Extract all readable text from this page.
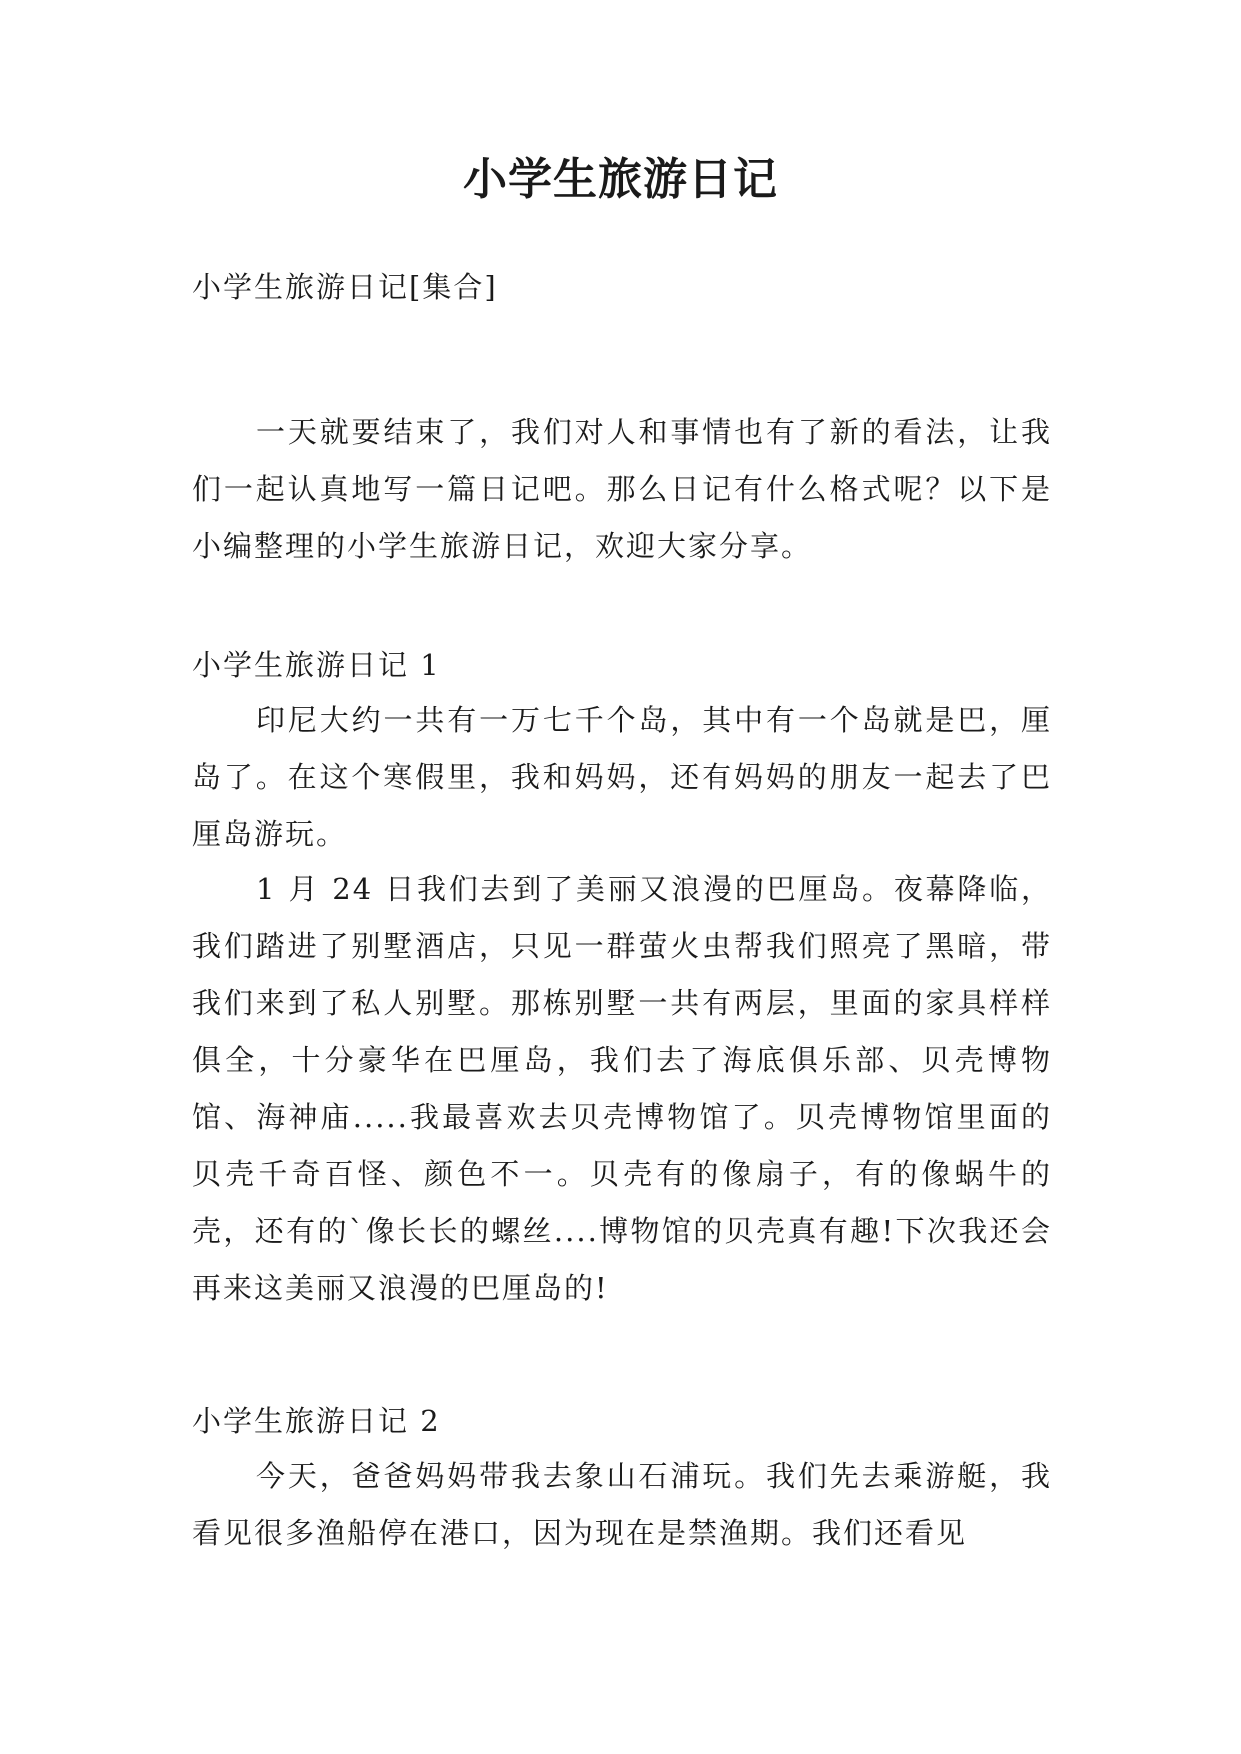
小学生旅游日记

小学生旅游日记[集合]

一天就要结束了，我们对人和事情也有了新的看法，让我们一起认真地写一篇日记吧。那么日记有什么格式呢？以下是小编整理的小学生旅游日记，欢迎大家分享。

小学生旅游日记 1

印尼大约一共有一万七千个岛，其中有一个岛就是巴，厘岛了。在这个寒假里，我和妈妈，还有妈妈的朋友一起去了巴厘岛游玩。

1 月 24 日我们去到了美丽又浪漫的巴厘岛。夜幕降临，我们踏进了别墅酒店，只见一群萤火虫帮我们照亮了黑暗，带我们来到了私人别墅。那栋别墅一共有两层，里面的家具样样俱全，十分豪华在巴厘岛，我们去了海底俱乐部、贝壳博物馆、海神庙.....我最喜欢去贝壳博物馆了。贝壳博物馆里面的贝壳千奇百怪、颜色不一。贝壳有的像扇子，有的像蜗牛的壳，还有的`像长长的螺丝....博物馆的贝壳真有趣!下次我还会再来这美丽又浪漫的巴厘岛的!

小学生旅游日记 2

今天，爸爸妈妈带我去象山石浦玩。我们先去乘游艇，我看见很多渔船停在港口，因为现在是禁渔期。我们还看见
